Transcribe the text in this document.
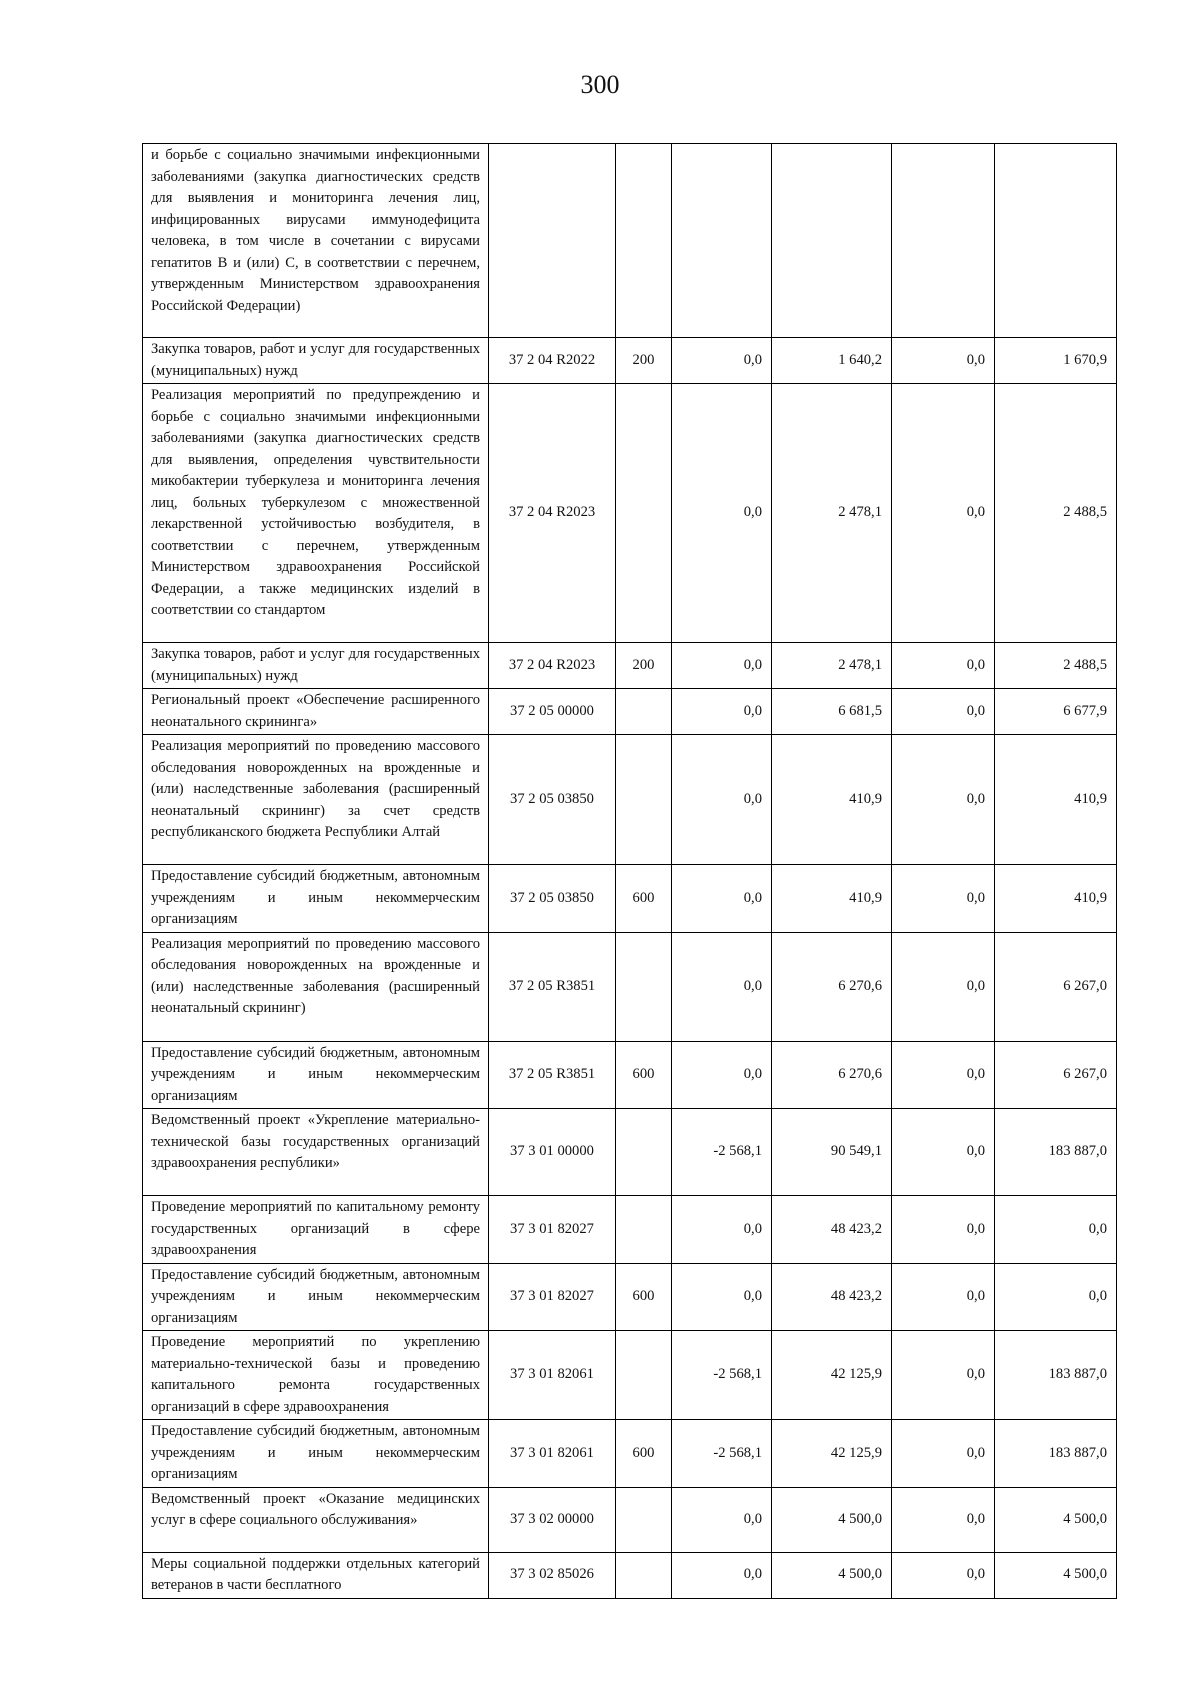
300
и борьбе с социально значимыми инфекционными заболеваниями (закупка диагностических средств для выявления и мониторинга лечения лиц, инфицированных вирусами иммунодефицита человека, в том числе в сочетании с вирусами гепатитов B и (или) C, в соответствии с перечнем, утвержденным Министерством здравоохранения Российской Федерации)						
Закупка товаров, работ и услуг для государственных (муниципальных) нужд	37 2 04 R2022	200	0,0	1 640,2	0,0	1 670,9
Реализация мероприятий по предупреждению и борьбе с социально значимыми инфекционными заболеваниями (закупка диагностических средств для выявления, определения чувствительности микобактерии туберкулеза и мониторинга лечения лиц, больных туберкулезом с множественной лекарственной устойчивостью возбудителя, в соответствии с перечнем, утвержденным Министерством здравоохранения Российской Федерации, а также медицинских изделий в соответствии со стандартом	37 2 04 R2023		0,0	2 478,1	0,0	2 488,5
Закупка товаров, работ и услуг для государственных (муниципальных) нужд	37 2 04 R2023	200	0,0	2 478,1	0,0	2 488,5
Региональный проект «Обеспечение расширенного неонатального скрининга»	37 2 05 00000		0,0	6 681,5	0,0	6 677,9
Реализация мероприятий по проведению массового обследования новорожденных на врожденные и (или) наследственные заболевания (расширенный неонатальный скрининг) за счет средств республиканского бюджета Республики Алтай	37 2 05 03850		0,0	410,9	0,0	410,9
Предоставление субсидий бюджетным, автономным учреждениям и иным некоммерческим организациям	37 2 05 03850	600	0,0	410,9	0,0	410,9
Реализация мероприятий по проведению массового обследования новорожденных на врожденные и (или) наследственные заболевания (расширенный неонатальный скрининг)	37 2 05 R3851		0,0	6 270,6	0,0	6 267,0
Предоставление субсидий бюджетным, автономным учреждениям и иным некоммерческим организациям	37 2 05 R3851	600	0,0	6 270,6	0,0	6 267,0
Ведомственный проект «Укрепление материально-технической базы государственных организаций здравоохранения республики»	37 3 01 00000		-2 568,1	90 549,1	0,0	183 887,0
Проведение мероприятий по капитальному ремонту государственных организаций в сфере здравоохранения	37 3 01 82027		0,0	48 423,2	0,0	0,0
Предоставление субсидий бюджетным, автономным учреждениям и иным некоммерческим организациям	37 3 01 82027	600	0,0	48 423,2	0,0	0,0
Проведение мероприятий по укреплению материально-технической базы и проведению капитального ремонта государственных организаций в сфере здравоохранения	37 3 01 82061		-2 568,1	42 125,9	0,0	183 887,0
Предоставление субсидий бюджетным, автономным учреждениям и иным некоммерческим организациям	37 3 01 82061	600	-2 568,1	42 125,9	0,0	183 887,0
Ведомственный проект «Оказание медицинских услуг в сфере социального обслуживания»	37 3 02 00000		0,0	4 500,0	0,0	4 500,0
Меры социальной поддержки отдельных категорий ветеранов в части бесплатного	37 3 02 85026		0,0	4 500,0	0,0	4 500,0
